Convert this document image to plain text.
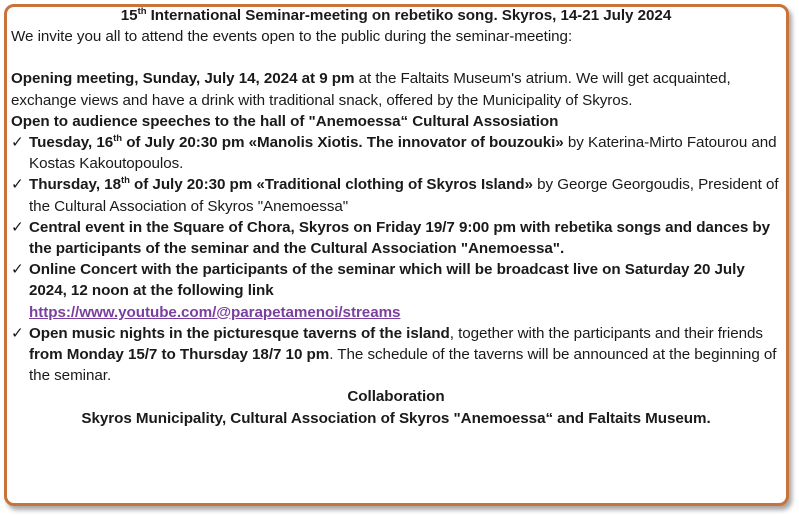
15th International Seminar-meeting on rebetiko song. Skyros, 14-21 July 2024
We invite you all to attend the events open to the public during the seminar-meeting:
Opening meeting, Sunday, July 14, 2024 at 9 pm at the Faltaits Museum's atrium. We will get acquainted, exchange views and have a drink with traditional snack, offered by the Municipality of Skyros.
Open to audience speeches to the hall of "Anemoessa“ Cultural Assosiation
✓ Tuesday, 16th of July 20:30 pm «Manolis Xiotis. The innovator of bouzouki» by Katerina-Mirto Fatourou and Kostas Kakoutopoulos.
✓ Thursday, 18th of July 20:30 pm «Traditional clothing of Skyros Island» by George Georgoudis, President of the Cultural Association of Skyros "Anemoessa"
✓ Central event in the Square of Chora, Skyros on Friday 19/7 9:00 pm with rebetika songs and dances by the participants of the seminar and the Cultural Association "Anemoessa".
✓ Online Concert with the participants of the seminar which will be broadcast live on Saturday 20 July 2024, 12 noon at the following link
https://www.youtube.com/@parapetamenoi/streams
✓ Open music nights in the picturesque taverns of the island, together with the participants and their friends from Monday 15/7 to Thursday 18/7 10 pm. The schedule of the taverns will be announced at the beginning of the seminar.
Collaboration
Skyros Municipality, Cultural Association of Skyros "Anemoessa“ and Faltaits Museum.
